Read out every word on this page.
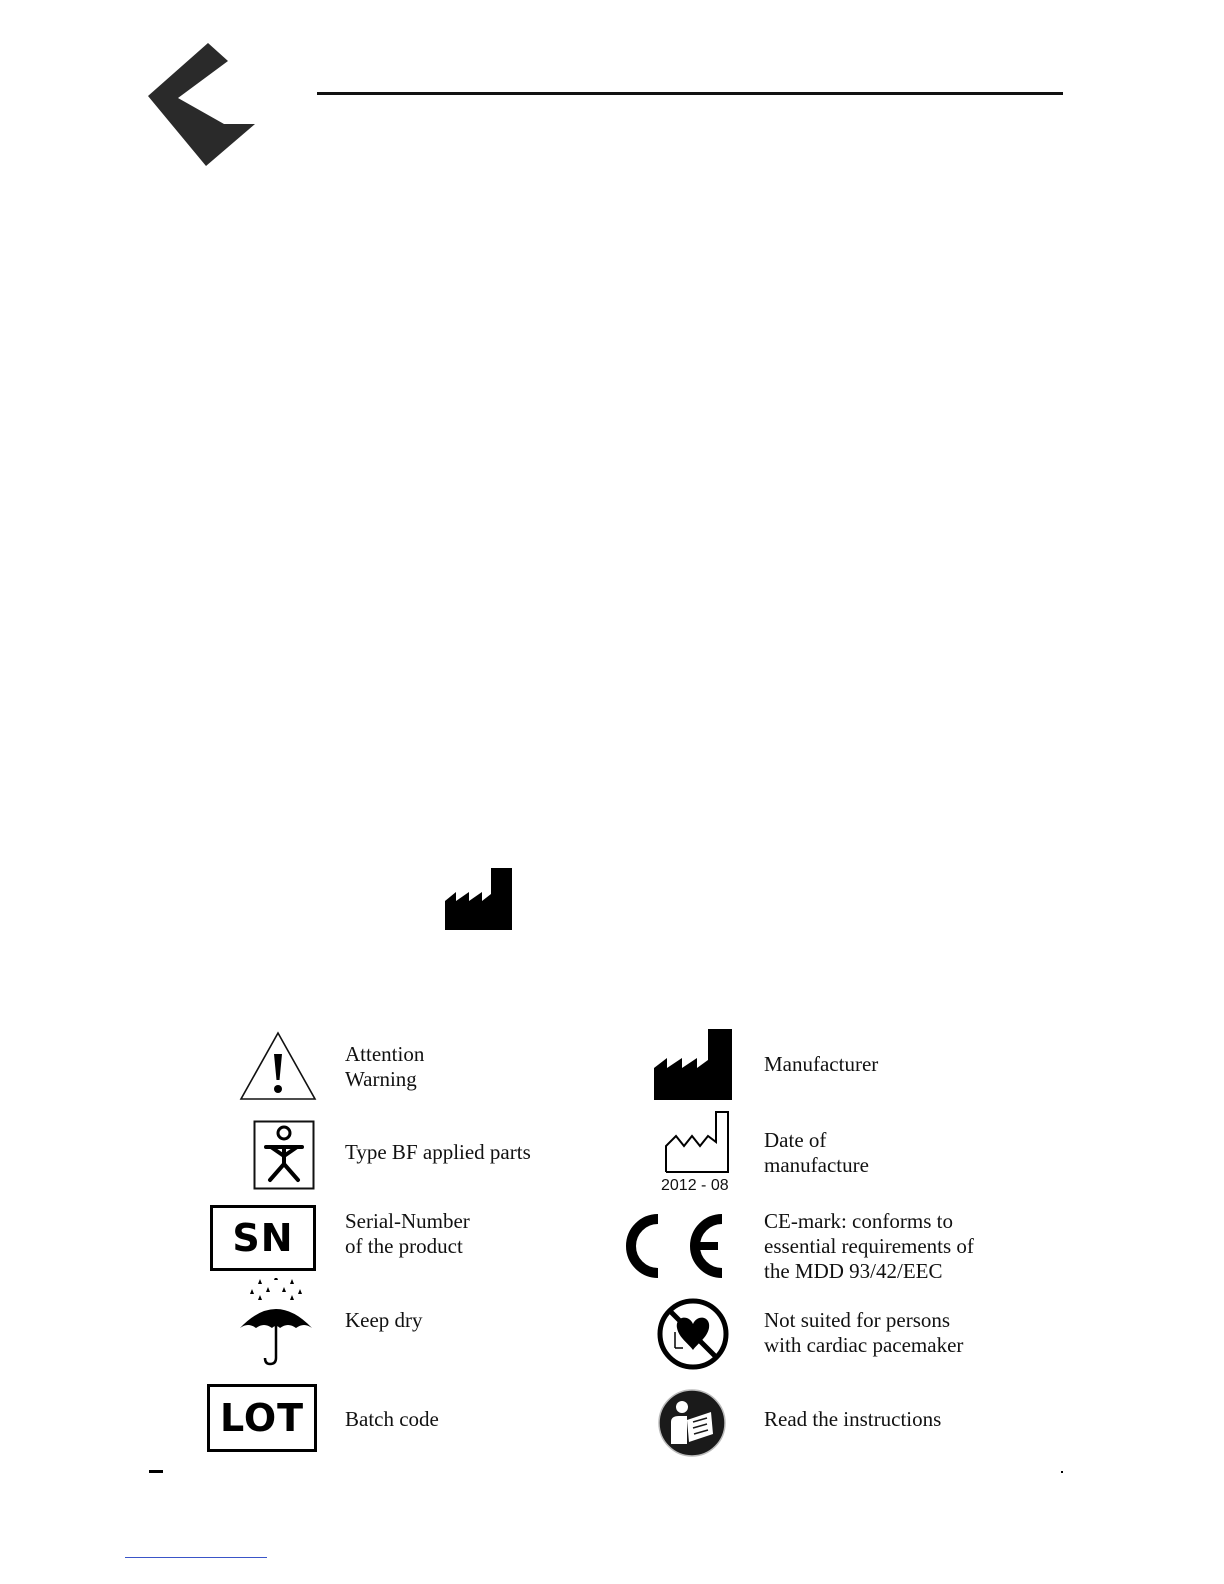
Attention
Warning
Type BF applied parts
SN	Serial-Number
of the product
Keep dry
LOT	Batch code
Manufacturer
2012 - 08
Date of
manufacture
CE-mark: conforms to
essential requirements of
the MDD 93/42/EEC
Not suited for persons
with cardiac pacemaker
Read the instructions
